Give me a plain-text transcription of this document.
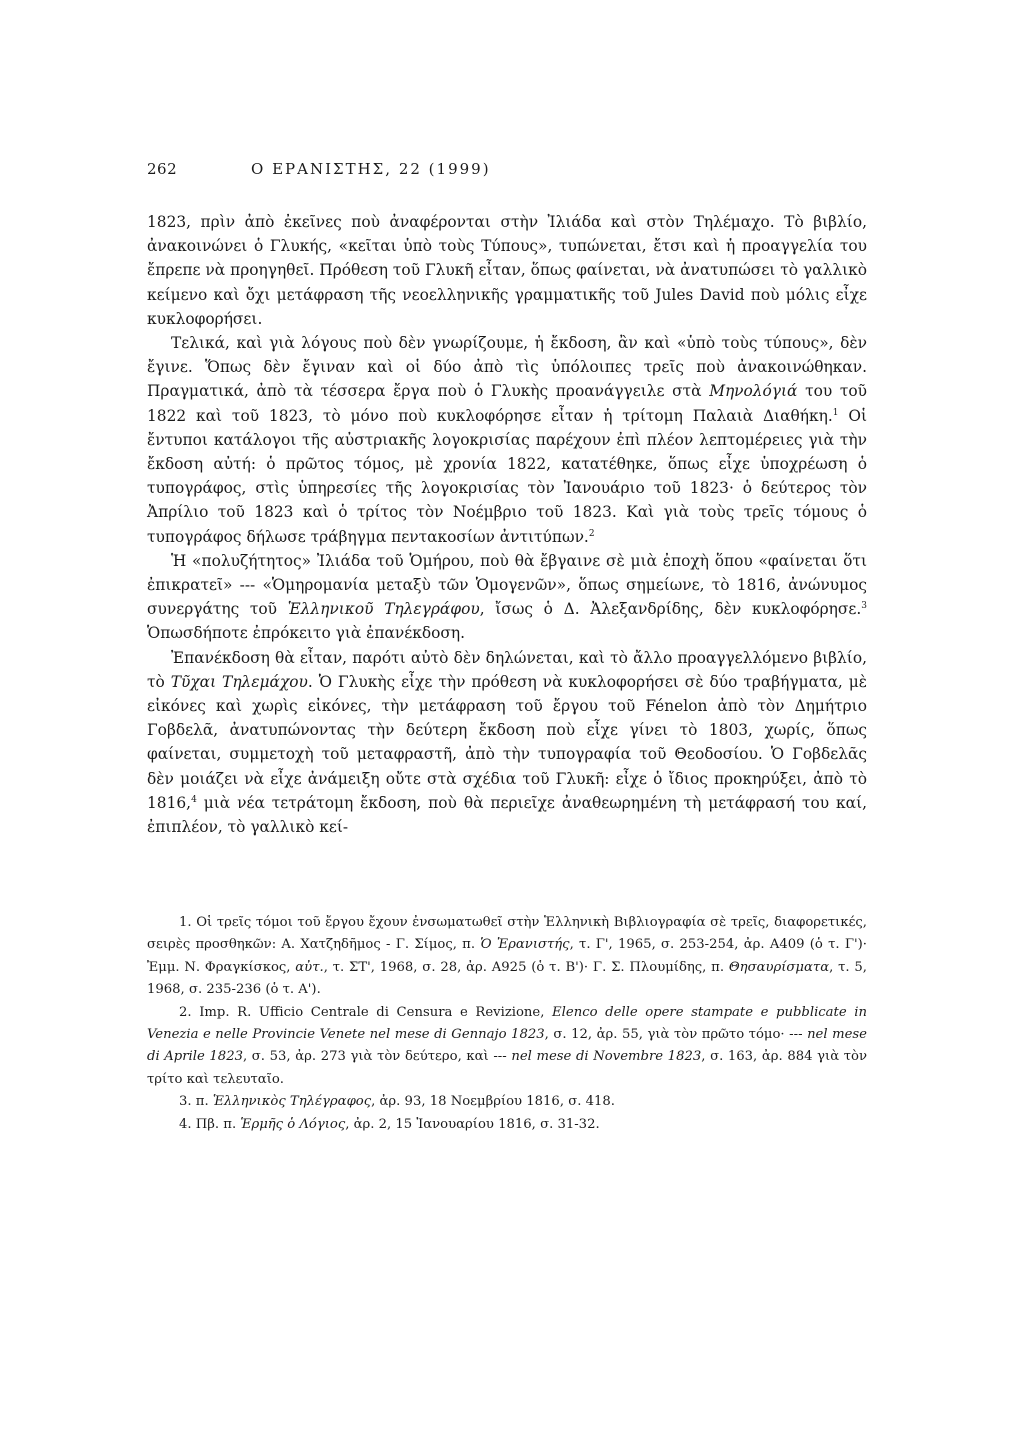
262	Ο ΕΡΑΝΙΣΤΗΣ, 22 (1999)

1823, πρὶν ἀπὸ ἐκεῖνες ποὺ ἀναφέρονται στὴν Ἰλιάδα καὶ στὸν Τηλέμαχο. Τὸ βιβλίο, ἀνακοινώνει ὁ Γλυκής, «κεῖται ὑπὸ τοὺς Τύπους», τυπώνεται, ἔτσι καὶ ἡ προαγγελία του ἔπρεπε νὰ προηγηθεῖ. Πρόθεση τοῦ Γλυκῆ εἶταν, ὅπως φαίνεται, νὰ ἀνατυπώσει τὸ γαλλικὸ κείμενο καὶ ὄχι μετάφραση τῆς νεοελληνικῆς γραμματικῆς τοῦ Jules David ποὺ μόλις εἶχε κυκλοφορήσει.

Τελικά, καὶ γιὰ λόγους ποὺ δὲν γνωρίζουμε, ἡ ἔκδοση, ἂν καὶ «ὑπὸ τοὺς τύπους», δὲν ἔγινε. Ὅπως δὲν ἔγιναν καὶ οἱ δύο ἀπὸ τὶς ὑπόλοιπες τρεῖς ποὺ ἀνακοινώθηκαν. Πραγματικά, ἀπὸ τὰ τέσσερα ἔργα ποὺ ὁ Γλυκὴς προανάγγειλε στὰ Μηνολόγιά του τοῦ 1822 καὶ τοῦ 1823, τὸ μόνο ποὺ κυκλοφόρησε εἶταν ἡ τρίτομη Παλαιὰ Διαθήκη.$^1$ Οἱ ἔντυποι κατάλογοι τῆς αὐστριακῆς λογοκρισίας παρέχουν ἐπὶ πλέον λεπτομέρειες γιὰ τὴν ἔκδοση αὐτή: ὁ πρῶτος τόμος, μὲ χρονία 1822, κατατέθηκε, ὅπως εἶχε ὑποχρέωση ὁ τυπογράφος, στὶς ὑπηρεσίες τῆς λογοκρισίας τὸν Ἰανουάριο τοῦ 1823· ὁ δεύτερος τὸν Ἀπρίλιο τοῦ 1823 καὶ ὁ τρίτος τὸν Νοέμβριο τοῦ 1823. Καὶ γιὰ τοὺς τρεῖς τόμους ὁ τυπογράφος δήλωσε τράβηγμα πεντακοσίων ἀντιτύπων.$^2$

Ἡ «πολυζήτητος» Ἰλιάδα τοῦ Ὁμήρου, ποὺ θὰ ἔβγαινε σὲ μιὰ ἐποχὴ ὅπου «φαίνεται ὅτι ἐπικρατεῖ» --- «Ὁμηρομανία μεταξὺ τῶν Ὁμογενῶν», ὅπως σημείωνε, τὸ 1816, ἀνώνυμος συνεργάτης τοῦ Ἑλληνικοῦ Τηλεγράφου, ἴσως ὁ Δ. Ἀλεξανδρίδης, δὲν κυκλοφόρησε.$^3$ Ὁπωσδήποτε ἐπρόκειτο γιὰ ἐπανέκδοση.

Ἐπανέκδοση θὰ εἶταν, παρότι αὐτὸ δὲν δηλώνεται, καὶ τὸ ἄλλο προαγγελλόμενο βιβλίο, τὸ Τῦχαι Τηλεμάχου. Ὁ Γλυκὴς εἶχε τὴν πρόθεση νὰ κυκλοφορήσει σὲ δύο τραβήγματα, μὲ εἰκόνες καὶ χωρὶς εἰκόνες, τὴν μετάφραση τοῦ ἔργου τοῦ Fénelon ἀπὸ τὸν Δημήτριο Γοβδελᾶ, ἀνατυπώνοντας τὴν δεύτερη ἔκδοση ποὺ εἶχε γίνει τὸ 1803, χωρίς, ὅπως φαίνεται, συμμετοχὴ τοῦ μεταφραστῆ, ἀπὸ τὴν τυπογραφία τοῦ Θεοδοσίου. Ὁ Γοβδελᾶς δὲν μοιάζει νὰ εἶχε ἀνάμειξη οὔτε στὰ σχέδια τοῦ Γλυκῆ: εἶχε ὁ ἴδιος προκηρύξει, ἀπὸ τὸ 1816,$^4$ μιὰ νέα τετράτομη ἔκδοση, ποὺ θὰ περιεῖχε ἀναθεωρημένη τὴ μετάφρασή του καί, ἐπιπλέον, τὸ γαλλικὸ κεί-

1. Οἱ τρεῖς τόμοι τοῦ ἔργου ἔχουν ἐνσωματωθεῖ στὴν Ἑλληνικὴ Βιβλιογραφία σὲ τρεῖς, διαφορετικές, σειρὲς προσθηκῶν: Α. Χατζηδῆμος - Γ. Σίμος, π. Ὁ Ἐρανιστής, τ. Γ', 1965, σ. 253-254, ἀρ. Α409 (ὁ τ. Γ')· Ἐμμ. Ν. Φραγκίσκος, αὐτ., τ. ΣΤ', 1968, σ. 28, ἀρ. Α925 (ὁ τ. Β')· Γ. Σ. Πλουμίδης, π. Θησαυρίσματα, τ. 5, 1968, σ. 235-236 (ὁ τ. Α').

2. Imp. R. Ufficio Centrale di Censura e Revizione, Elenco delle opere stampate e pubblicate in Venezia e nelle Provincie Venete nel mese di Gennajo 1823, σ. 12, ἀρ. 55, γιὰ τὸν πρῶτο τόμο· --- nel mese di Aprile 1823, σ. 53, ἀρ. 273 γιὰ τὸν δεύτερο, καὶ --- nel mese di Novembre 1823, σ. 163, ἀρ. 884 γιὰ τὸν τρίτο καὶ τελευταῖο.

3. π. Ἑλληνικὸς Τηλέγραφος, ἀρ. 93, 18 Νοεμβρίου 1816, σ. 418.

4. Πβ. π. Ἑρμῆς ὁ Λόγιος, ἀρ. 2, 15 Ἰανουαρίου 1816, σ. 31-32.
